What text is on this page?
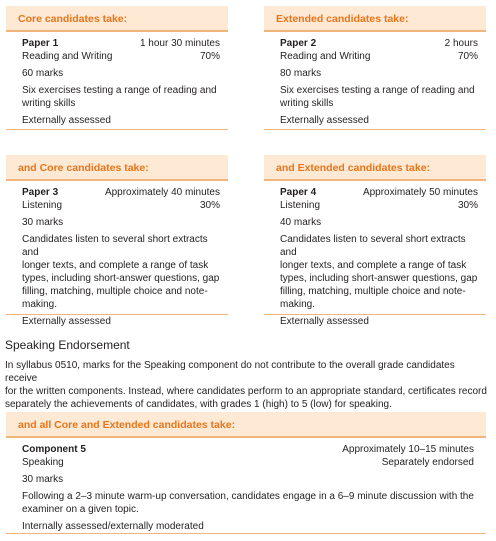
Core candidates take:
Paper 1	1 hour 30 minutes
Reading and Writing	70%
60 marks
Six exercises testing a range of reading and
writing skills
Externally assessed
Extended candidates take:
Paper 2	2 hours
Reading and Writing	70%
80 marks
Six exercises testing a range of reading and
writing skills
Externally assessed
and Core candidates take:
Paper 3	Approximately 40 minutes
Listening	30%
30 marks
Candidates listen to several short extracts and
longer texts, and complete a range of task
types, including short-answer questions, gap
filling, matching, multiple choice and note-
making.
Externally assessed
and Extended candidates take:
Paper 4	Approximately 50 minutes
Listening	30%
40 marks
Candidates listen to several short extracts and
longer texts, and complete a range of task
types, including short-answer questions, gap
filling, matching, multiple choice and note-
making.
Externally assessed
Speaking Endorsement
In syllabus 0510, marks for the Speaking component do not contribute to the overall grade candidates receive
for the written components. Instead, where candidates perform to an appropriate standard, certificates record
separately the achievements of candidates, with grades 1 (high) to 5 (low) for speaking.
and all Core and Extended candidates take:
Component 5	Approximately 10–15 minutes
Speaking	Separately endorsed
30 marks
Following a 2–3 minute warm-up conversation, candidates engage in a 6–9 minute discussion with the
examiner on a given topic.
Internally assessed/externally moderated
